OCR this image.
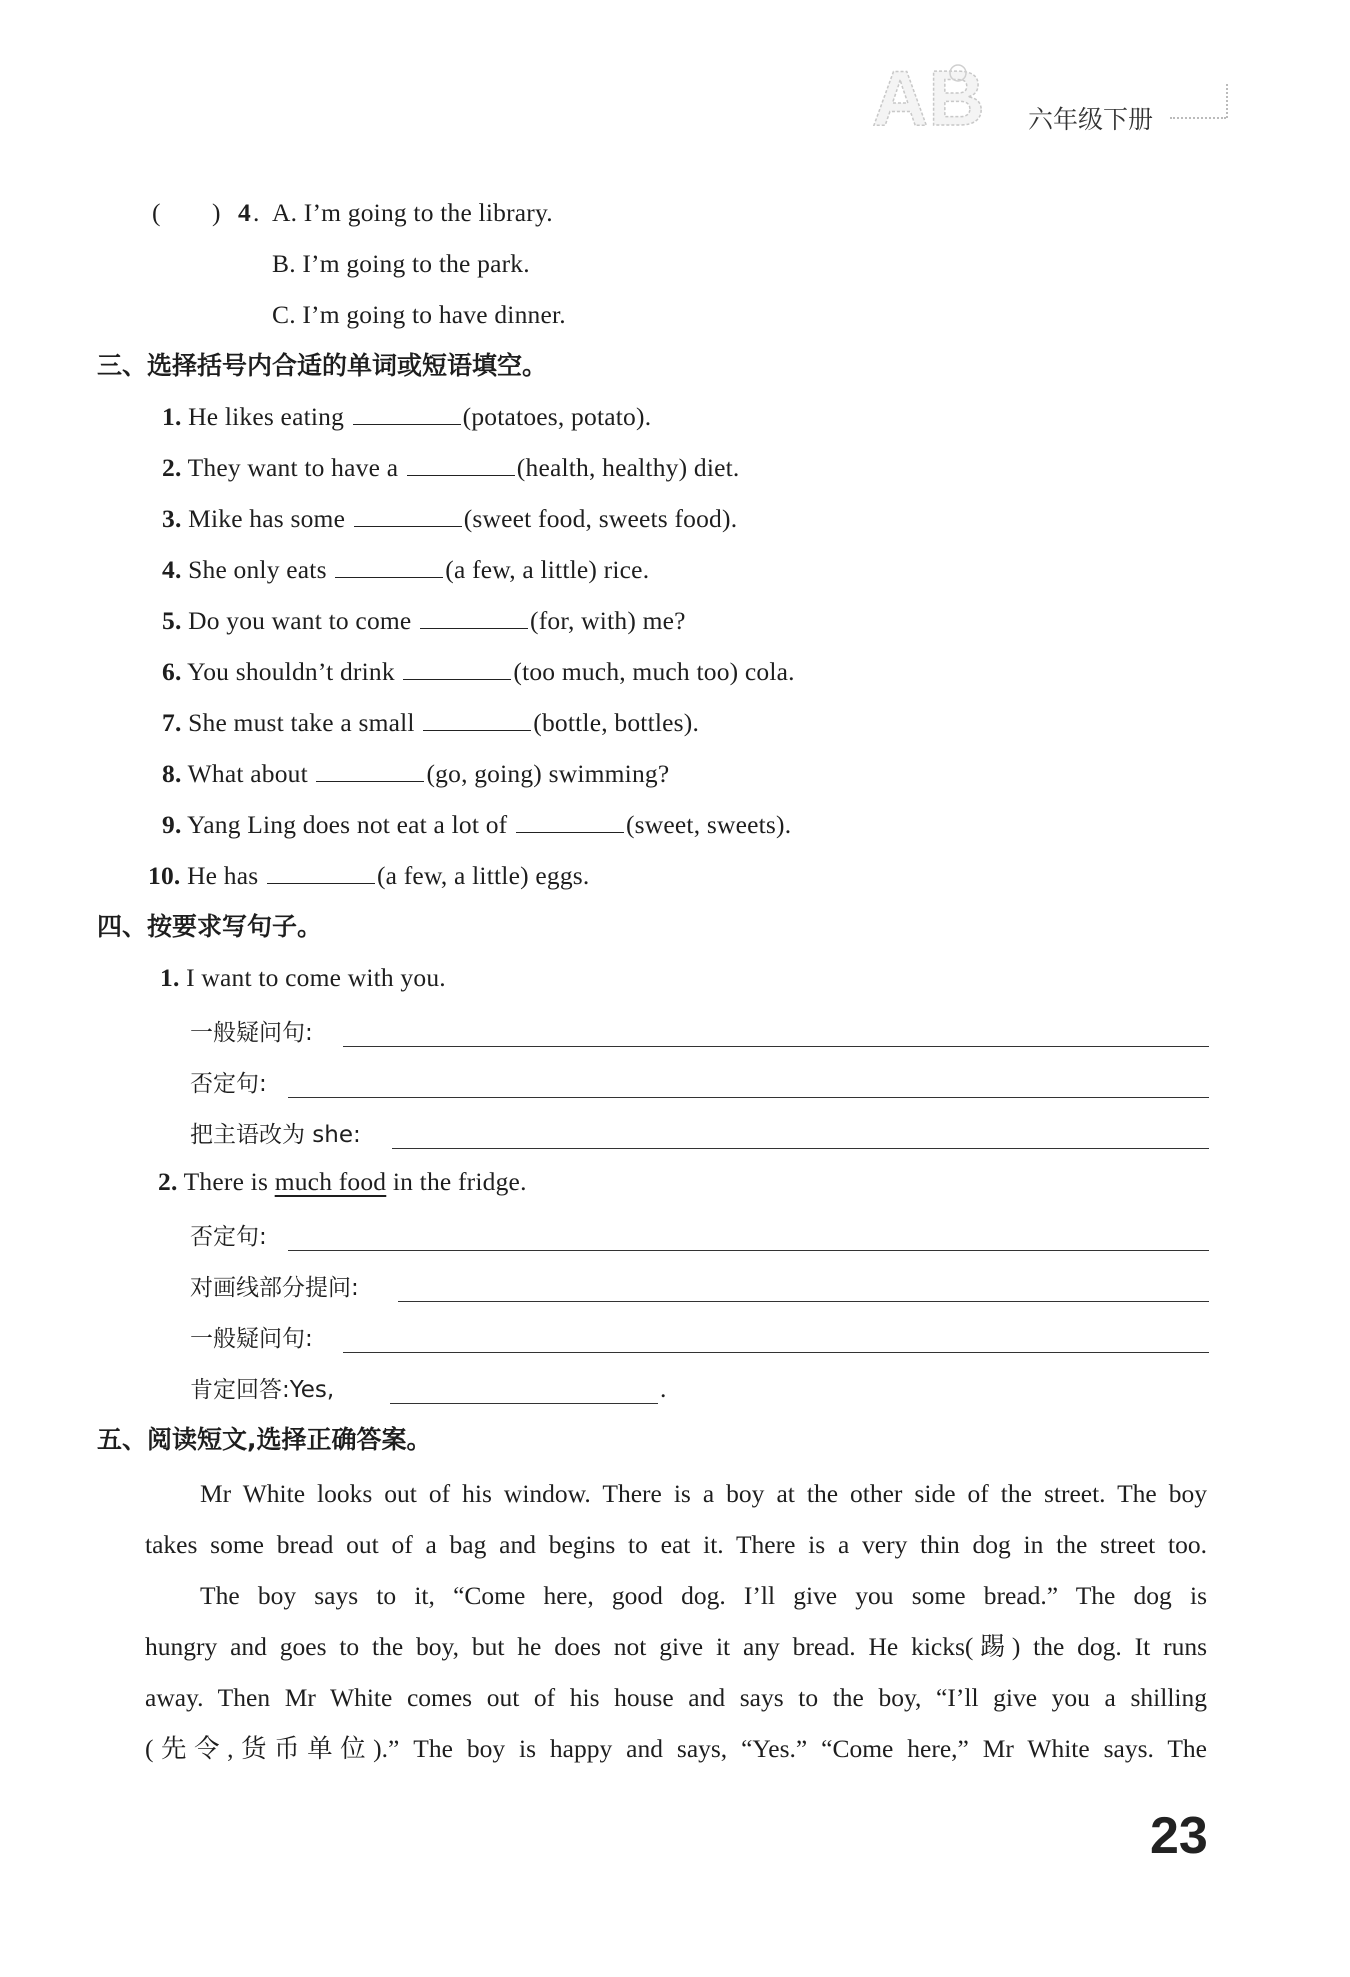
AB 六年级下册
( ) 4 . A. I’m going to the library.
B. I’m going to the park.
C. I’m going to have dinner.
三、选择括号内合适的单词或短语填空。
1. He likes eating	(potatoes, potato).
2. They want to have a	(health, healthy) diet.
3. Mike has some	(sweet food, sweets food).
4. She only eats	(a few, a little) rice.
5. Do you want to come	(for, with) me?
6. You shouldn’t drink	(too much, much too) cola.
7. She must take a small	(bottle, bottles).
8. What about	(go, going) swimming?
9. Yang Ling does not eat a lot of	(sweet, sweets).
10. He has	(a few, a little) eggs.
四、按要求写句子。
1. I want to come with you.
一般疑问句:
否定句:
把主语改为 she:
2. There is much food in the fridge.
否定句:
对画线部分提问:
一般疑问句:
肯定回答:Yes,	.
五、阅读短文,选择正确答案。
Mr White looks out of his window. There is a boy at the other side of the street. The boy
takes some bread out of a bag and begins to eat it. There is a very thin dog in the street too.
The boy says to it, “Come here, good dog. I’ll give you some bread.” The dog is
hungry and goes to the boy, but he does not give it any bread. He kicks(踢) the dog. It runs
away. Then Mr White comes out of his house and says to the boy, “I’ll give you a shilling
(先令,货币单位).” The boy is happy and says, “Yes.” “Come here,” Mr White says. The
23
